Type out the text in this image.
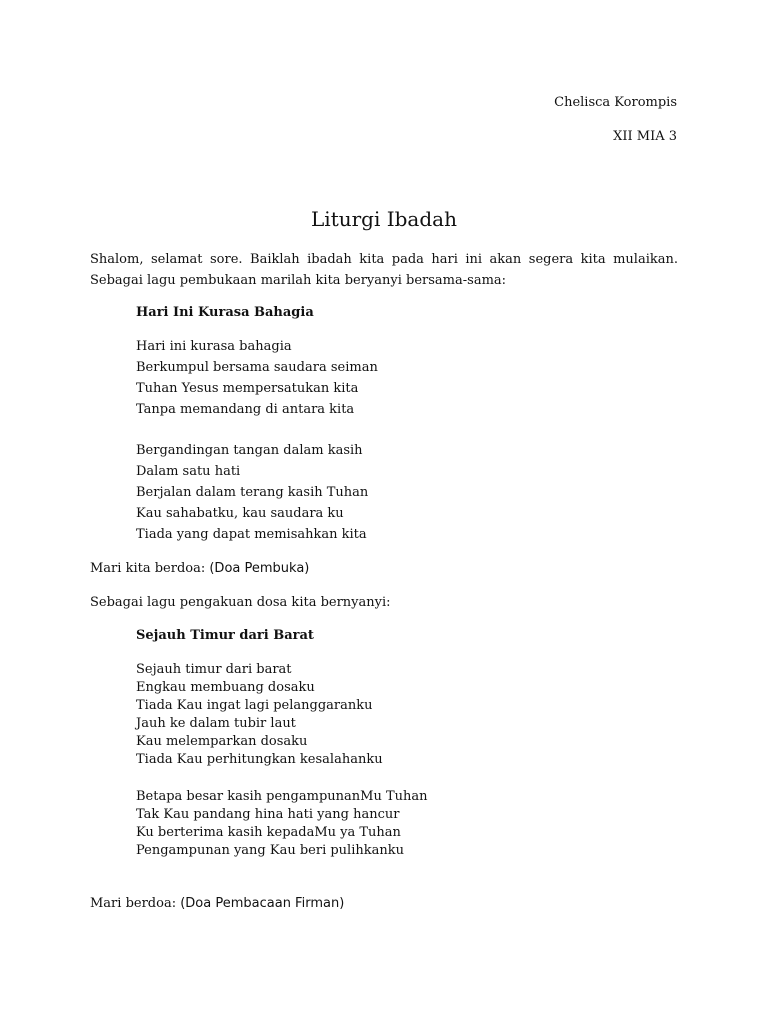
Chelisca Korompis
XII MIA 3
Liturgi Ibadah
Shalom, selamat sore. Baiklah ibadah kita pada hari ini akan segera kita mulaikan. Sebagai lagu pembukaan marilah kita beryanyi bersama-sama:
Hari Ini Kurasa Bahagia
Hari ini kurasa bahagia
Berkumpul bersama saudara seiman
Tuhan Yesus mempersatukan kita
Tanpa memandang di antara kita
Bergandingan tangan dalam kasih
Dalam satu hati
Berjalan dalam terang kasih Tuhan
Kau sahabatku, kau saudara ku
Tiada yang dapat memisahkan kita
Mari kita berdoa: (Doa Pembuka)
Sebagai lagu pengakuan dosa kita bernyanyi:
Sejauh Timur dari Barat
Sejauh timur dari barat
Engkau membuang dosaku
Tiada Kau ingat lagi pelanggaranku
Jauh ke dalam tubir laut
Kau melemparkan dosaku
Tiada Kau perhitungkan kesalahanku
Betapa besar kasih pengampunanMu Tuhan
Tak Kau pandang hina hati yang hancur
Ku berterima kasih kepadaMu ya Tuhan
Pengampunan yang Kau beri pulihkanku
Mari berdoa: (Doa Pembacaan Firman)
